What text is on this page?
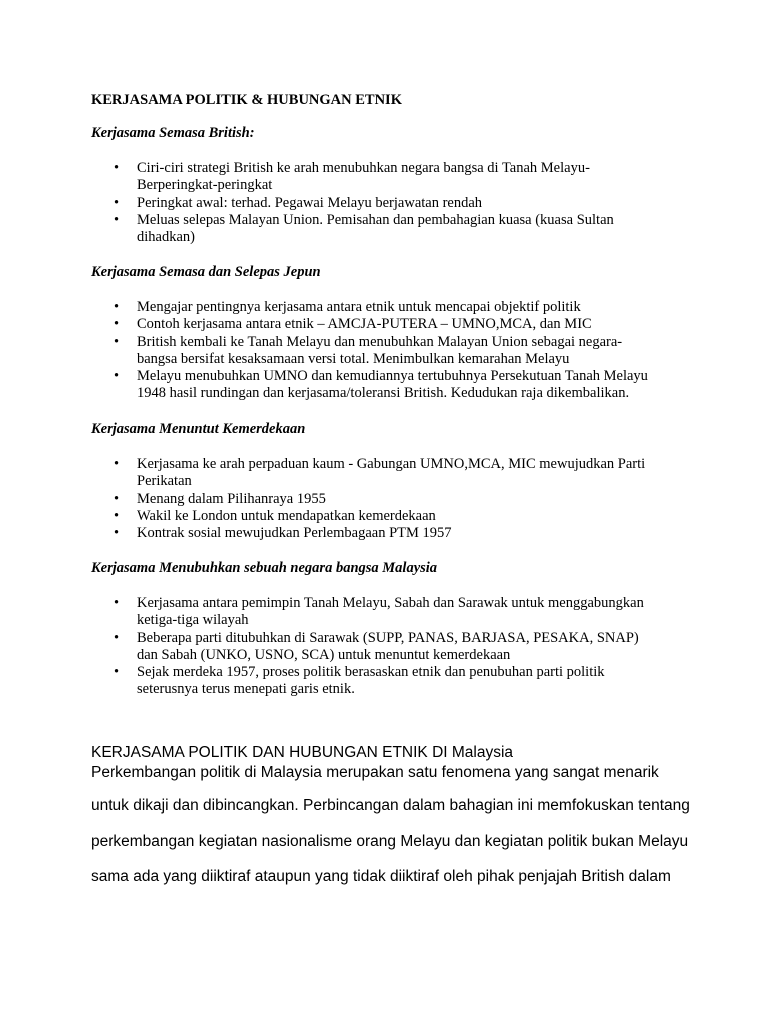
KERJASAMA POLITIK & HUBUNGAN ETNIK
Kerjasama Semasa British:
• Ciri-ciri strategi British ke arah menubuhkan negara bangsa di Tanah Melayu-Berperingkat-peringkat
• Peringkat awal: terhad. Pegawai Melayu berjawatan rendah
• Meluas selepas Malayan Union. Pemisahan dan pembahagian kuasa (kuasa Sultan dihadkan)
Kerjasama Semasa dan Selepas Jepun
• Mengajar pentingnya kerjasama antara etnik untuk mencapai objektif politik
• Contoh kerjasama antara etnik – AMCJA-PUTERA – UMNO,MCA, dan MIC
• British kembali ke Tanah Melayu dan menubuhkan Malayan Union sebagai negara-bangsa bersifat kesaksamaan versi total. Menimbulkan kemarahan Melayu
• Melayu menubuhkan UMNO dan kemudiannya tertubuhnya Persekutuan Tanah Melayu 1948 hasil rundingan dan kerjasama/toleransi British. Kedudukan raja dikembalikan.
Kerjasama Menuntut Kemerdekaan
• Kerjasama ke arah perpaduan kaum - Gabungan UMNO,MCA, MIC mewujudkan Parti Perikatan
• Menang dalam Pilihanraya 1955
• Wakil ke London untuk mendapatkan kemerdekaan
• Kontrak sosial mewujudkan Perlembagaan PTM 1957
Kerjasama Menubuhkan sebuah negara bangsa Malaysia
• Kerjasama antara pemimpin Tanah Melayu, Sabah dan Sarawak untuk menggabungkan ketiga-tiga wilayah
• Beberapa parti ditubuhkan di Sarawak (SUPP, PANAS, BARJASA, PESAKA, SNAP) dan Sabah (UNKO, USNO, SCA) untuk menuntut kemerdekaan
• Sejak merdeka 1957, proses politik berasaskan etnik dan penubuhan parti politik seterusnya terus menepati garis etnik.

KERJASAMA POLITIK DAN HUBUNGAN ETNIK DI Malaysia

Perkembangan politik di Malaysia merupakan satu fenomena yang sangat menarik

untuk dikaji dan dibincangkan. Perbincangan dalam bahagian ini memfokuskan tentang

perkembangan kegiatan nasionalisme orang Melayu dan kegiatan politik bukan Melayu

sama ada yang diiktiraf ataupun yang tidak diiktiraf oleh pihak penjajah British dalam
